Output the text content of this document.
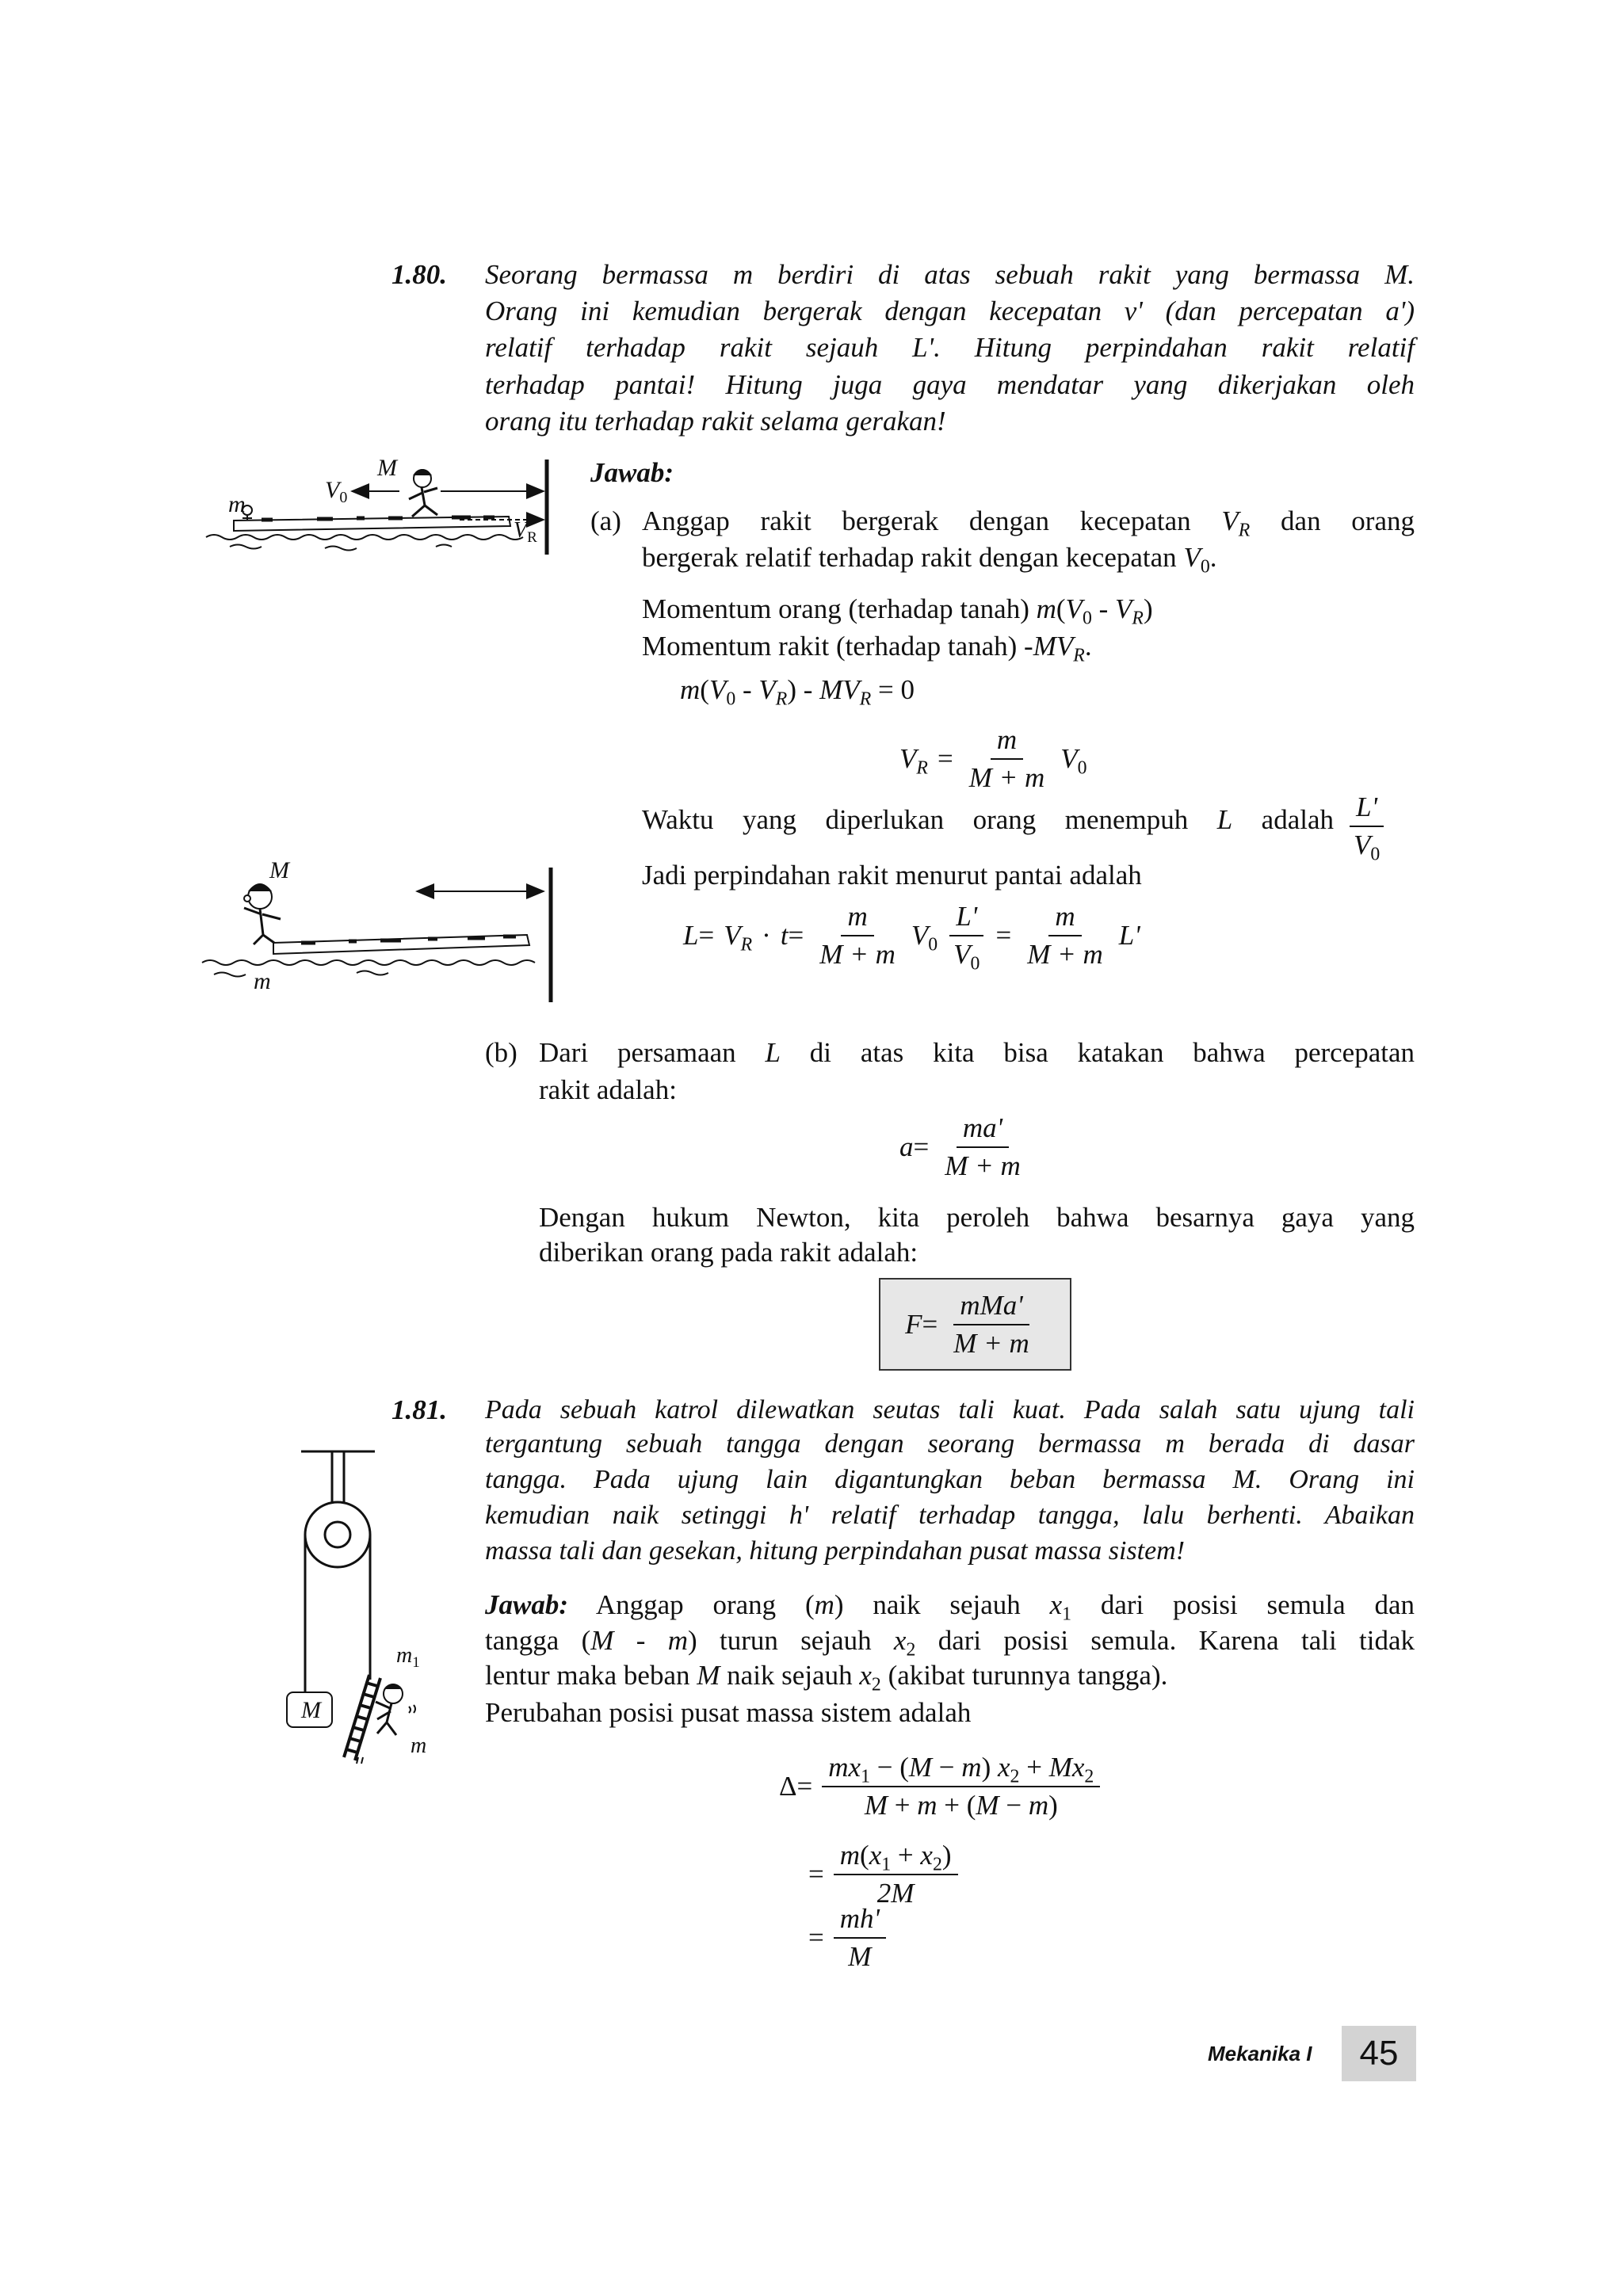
1.80. Seorang bermassa m berdiri di atas sebuah rakit yang bermassa M.
Orang ini kemudian bergerak dengan kecepatan v' (dan percepatan a')
relatif terhadap rakit sejauh L'. Hitung perpindahan rakit relatif
terhadap pantai! Hitung juga gaya mendatar yang dikerjakan oleh
orang itu terhadap rakit selama gerakan!
Jawab:
(a) Anggap rakit bergerak dengan kecepatan $V_R$ dan orang
bergerak relatif terhadap rakit dengan kecepatan $V_0$.
Momentum orang (terhadap tanah) $m(V_0 - V_R)$
Momentum rakit (terhadap tanah) $-MV_R$.
$m(V_0 - V_R) - MV_R = 0$
$V_R = \frac{m}{M + m} V_0$
Waktu yang diperlukan orang menempuh L adalah $\frac{L'}{V_0}$
Jadi perpindahan rakit menurut pantai adalah
$L = V_R \cdot t = \frac{m}{M + m} V_0 \frac{L'}{V_0} = \frac{m}{M + m} L'$
(b) Dari persamaan L di atas kita bisa katakan bahwa percepatan
rakit adalah:
$a = \frac{ma'}{M + m}$
Dengan hukum Newton, kita peroleh bahwa besarnya gaya yang
diberikan orang pada rakit adalah:
$F = \frac{\text{mMa'}}{M + m}$
1.81. Pada sebuah katrol dilewatkan seutas tali kuat. Pada salah satu ujung tali
tergantung sebuah tangga dengan seorang bermassa m berada di dasar
tangga. Pada ujung lain digantungkan beban bermassa M. Orang ini
kemudian naik setinggi h' relatif terhadap tangga, lalu berhenti. Abaikan
massa tali dan gesekan, hitung perpindahan pusat massa sistem!
Jawab: Anggap orang (m) naik sejauh $x_1$ dari posisi semula dan
tangga (M - m) turun sejauh $x_2$ dari posisi semula. Karena tali tidak
lentur maka beban M naik sejauh $x_2$ (akibat turunnya tangga).
Perubahan posisi pusat massa sistem adalah
$\Delta = \frac{mx_1 - (M - m) x_2 + Mx_2}{M + m + (M - m)}$
= $\frac{m(x_1 + x_2)}{2M}$
= $\frac{mh'}{M}$
m
$V_0$
M
$V_R$
M
m
M
$m_1$
m
Mekanika I	45
